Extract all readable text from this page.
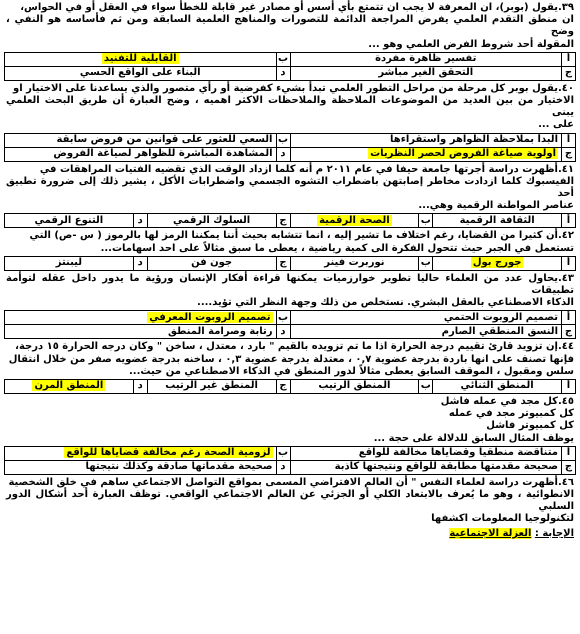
٣٩.يقول (بوبر)، ان المعرفة لا يجب ان تتمتع بأي أسس أو مصادر غير قابلة للخطأ سواء في العقل أو في الحواس،

ان منطق التقدم العلمي يفرض المراجعة الدائمة للتصورات والمناهج العلمية السابقة ومن ثم فأساسه هو النفي ، وضح

المقولة أحد شروط الفرض العلمي وهو ...

أ	تفسير ظاهرة مفردة	ب	القابلية للتفنيد
ج	التحقق الغير مباشر	د	البناء على الواقع الحسي

٤٠.يقول بوبر كل مرحلة من مراحل التطور العلمي تبدأ بشيء كفرضية أو رأي متصور والذي يساعدنا على الاختيار او

الاختيار من بين العديد من الموضوعات الملاحظة والملاحظات الاكثر اهميه ، وضح العبارة أن طريق البحث العلمي يبنى

على ...

أ	البدأ بملاحظة الظواهر واستقراءها	ب	السعي للعثور على قوانين من فروض سابقة
ج	أولوية صياغة الفروض لحصر النظريات	د	المشاهدة المباشرة للظواهر لصياغة الفروض

٤١.أظهرت دراسة أجرتها جامعة حيفا في عام ٢٠١١ م أنه كلما ازداد الوقت الذي تقضيه الفتيات المراهقات في

الفيسبوك كلما ازدادت مخاطر إصابتهن باضطراب التشوه الجسمي واضطرابات الأكل ، يشير ذلك إلى ضرورة تطبيق أحد

عناصر المواطنة الرقمية وهي...

أ	الثقافة الرقمية	ب	الصحة الرقمية	ج	السلوك الرقمي	د	التنوع الرقمي

٤٢.أن كثيرا من القضايا، رغم اختلاف ما تشير إليه ، انما تتشابه بحيث أننا يمكننا الرمز لها بالرموز ( س -ص) التي

تستعمل في الجبر حيث تتحول الفكرة الى كمية رياضية ، يعطى ما سبق مثالاً على احد اسهامات...

أ	جورج بول	ب	نوربرت فينر	ج	جون فن	د	ليبنتز

٤٣.يحاول عدد من العلماء حاليا تطوير خوارزميات يمكنها قراءة أفكار الإنسان ورؤية ما يدور داخل عقله لتوأمة تطبيقات

الذكاء الاصطناعي بالعقل البشري. نستخلص من ذلك وجهة النظر التي تؤيد....

أ	تصميم الروبوت الحتمي	ب	تصميم الروبوت المعرفي
ج	النسق المنطقي الصارم	د	رتابة وصرامة المنطق

٤٤.إن تزويد قارئ تقييم درجة الحرارة اذا ما تم تزويده بالقيم " بارد ، معتدل ، ساخن " وكان درجه الحرارة ١٥ درجة،

فإنها تصنف على انها باردة بدرجة عضوية ٠,٧ ، معتدلة بدرجة عضوية ٠,٣ ، ساخنه بدرجة عضويه صفر من خلال انتقال

سلس ومقبول ، الموقف السابق يعطى مثالاً لدور المنطق في الذكاء الاصطناعي من حيث...

أ	المنطق الثنائي	ب	المنطق الرتيب	ج	المنطق غير الرتيب	د	المنطق المرن

٤٥.كل مجد في عمله فاشل

كل كمبيوتر مجد في عمله

كل كمبيوتر فاشل

يوظف المثال السابق للدلالة على حجة ...

أ	متناقضة منطقيا وقضاياها مخالفة للواقع	ب	لزومية الصحة رغم مخالفة قضاياها للواقع
ج	صحيحة مقدمتها مطابقة للواقع ونتيجتها كاذبة	د	صحيحة مقدماتها صادقة وكذلك نتيجتها

٤٦.أظهرت دراسة لعلماء النفس " أن العالم الافتراضي المسمى بمواقع التواصل الاجتماعي ساهم في خلق الشخصية

الانطوائية ، وهو ما يُعرف بالابتعاد الكلي أو الجزئي عن العالم الاجتماعي الواقعي. توظف العبارة أحد أشكال الدور السلبي

لتكنولوجيا المعلومات اكشفها

الإجابة : العزلة الاجتماعية
